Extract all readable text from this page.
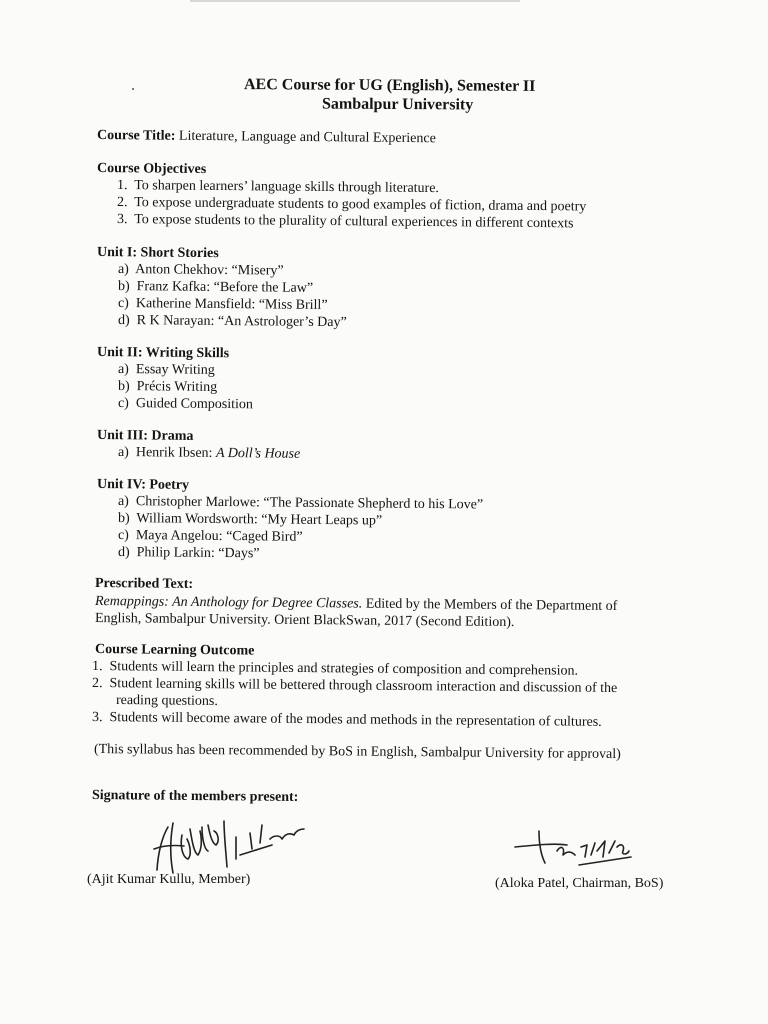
AEC Course for UG (English), Semester II
Sambalpur University
Course Title: Literature, Language and Cultural Experience
Course Objectives
1. To sharpen learners’ language skills through literature.
2. To expose undergraduate students to good examples of fiction, drama and poetry
3. To expose students to the plurality of cultural experiences in different contexts
Unit I: Short Stories
a) Anton Chekhov: “Misery”
b) Franz Kafka: “Before the Law”
c) Katherine Mansfield: “Miss Brill”
d) R K Narayan: “An Astrologer’s Day”
Unit II: Writing Skills
a) Essay Writing
b) Précis Writing
c) Guided Composition
Unit III: Drama
a) Henrik Ibsen: A Doll’s House
Unit IV: Poetry
a) Christopher Marlowe: “The Passionate Shepherd to his Love”
b) William Wordsworth: “My Heart Leaps up”
c) Maya Angelou: “Caged Bird”
d) Philip Larkin: “Days”
Prescribed Text:
Remappings: An Anthology for Degree Classes. Edited by the Members of the Department of
English, Sambalpur University. Orient BlackSwan, 2017 (Second Edition).
Course Learning Outcome
1. Students will learn the principles and strategies of composition and comprehension.
2. Student learning skills will be bettered through classroom interaction and discussion of the
reading questions.
3. Students will become aware of the modes and methods in the representation of cultures.
(This syllabus has been recommended by BoS in English, Sambalpur University for approval)
Signature of the members present:
(Ajit Kumar Kullu, Member)	(Aloka Patel, Chairman, BoS)
